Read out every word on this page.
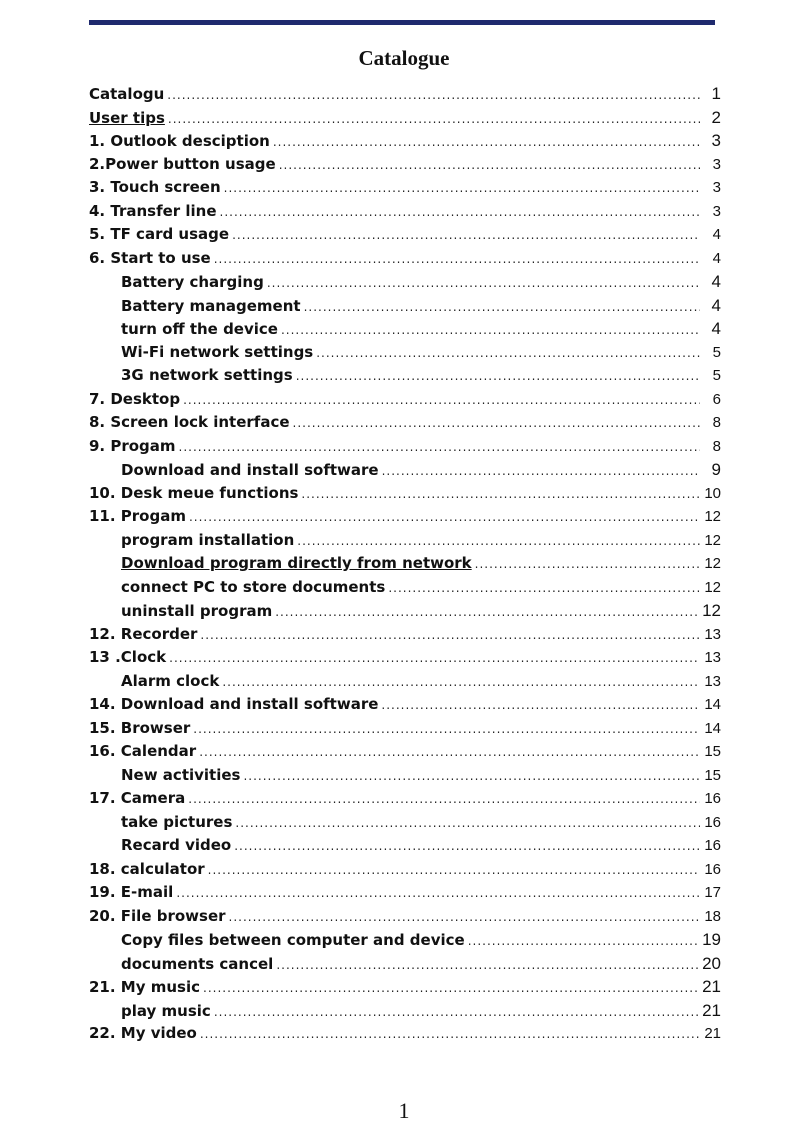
Catalogue
Catalogu .....	1
User tips .....	2
1. Outlook desciption .....	3
2.Power button usage .....	3
3. Touch screen .....	3
4. Transfer line .....	3
5. TF card usage .....	4
6. Start to use .....	4
Battery charging .....	4
Battery management .....	4
turn off the device .....	4
Wi-Fi network settings .....	5
3G network settings .....	5
7. Desktop .....	6
8. Screen lock interface .....	8
9. Progam .....	8
Download and install software .....	9
10. Desk meue functions .....	10
11. Progam .....	12
program installation .....	12
Download program directly from network .....	12
connect PC to store documents .....	12
uninstall program .....	12
12. Recorder .....	13
13 .Clock .....	13
Alarm clock .....	13
14. Download and install software .....	14
15. Browser .....	14
16. Calendar .....	15
New activities .....	15
17. Camera .....	16
take pictures .....	16
Recard video .....	16
18. calculator .....	16
19. E-mail .....	17
20. File browser .....	18
Copy files between computer and device .....	19
documents cancel .....	20
21. My music .....	21
play music .....	21
22. My video .....	21
1
